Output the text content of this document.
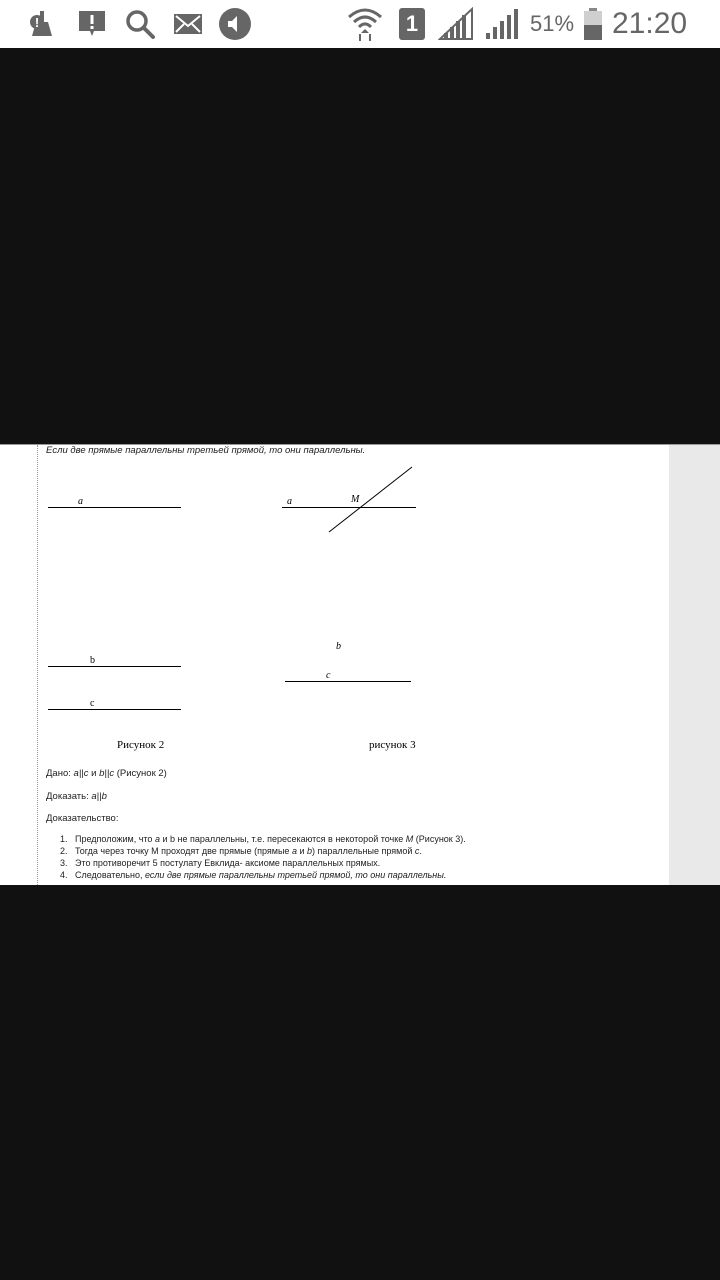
!	1	51% 21:20
Если две прямые параллельны третьей прямой, то они параллельны.
a
b
c
Рисунок 2
a	M
b
c
рисунок 3
Дано: a||c и b||c (Рисунок 2)
Доказать: a||b
Доказательство:
1. Предположим, что a и b не параллельны, т.е. пересекаются в некоторой точке M (Рисунок 3).
2. Тогда через точку M проходят две прямые (прямые a и b) параллельные прямой c.
3. Это противоречит 5 постулату Евклида- аксиоме параллельных прямых.
4. Следовательно, если две прямые параллельны третьей прямой, то они параллельны.
